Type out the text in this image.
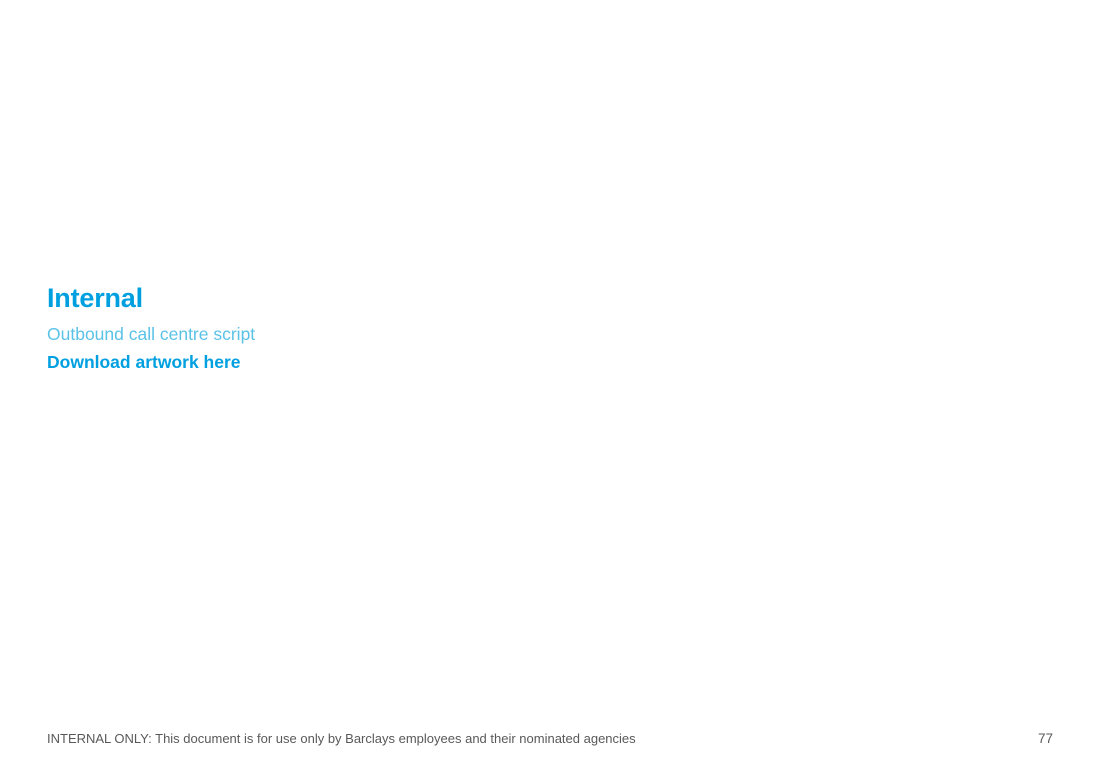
Internal

Outbound call centre script

Download artwork here
INTERNAL ONLY: This document is for use only by Barclays employees and their nominated agencies	77
